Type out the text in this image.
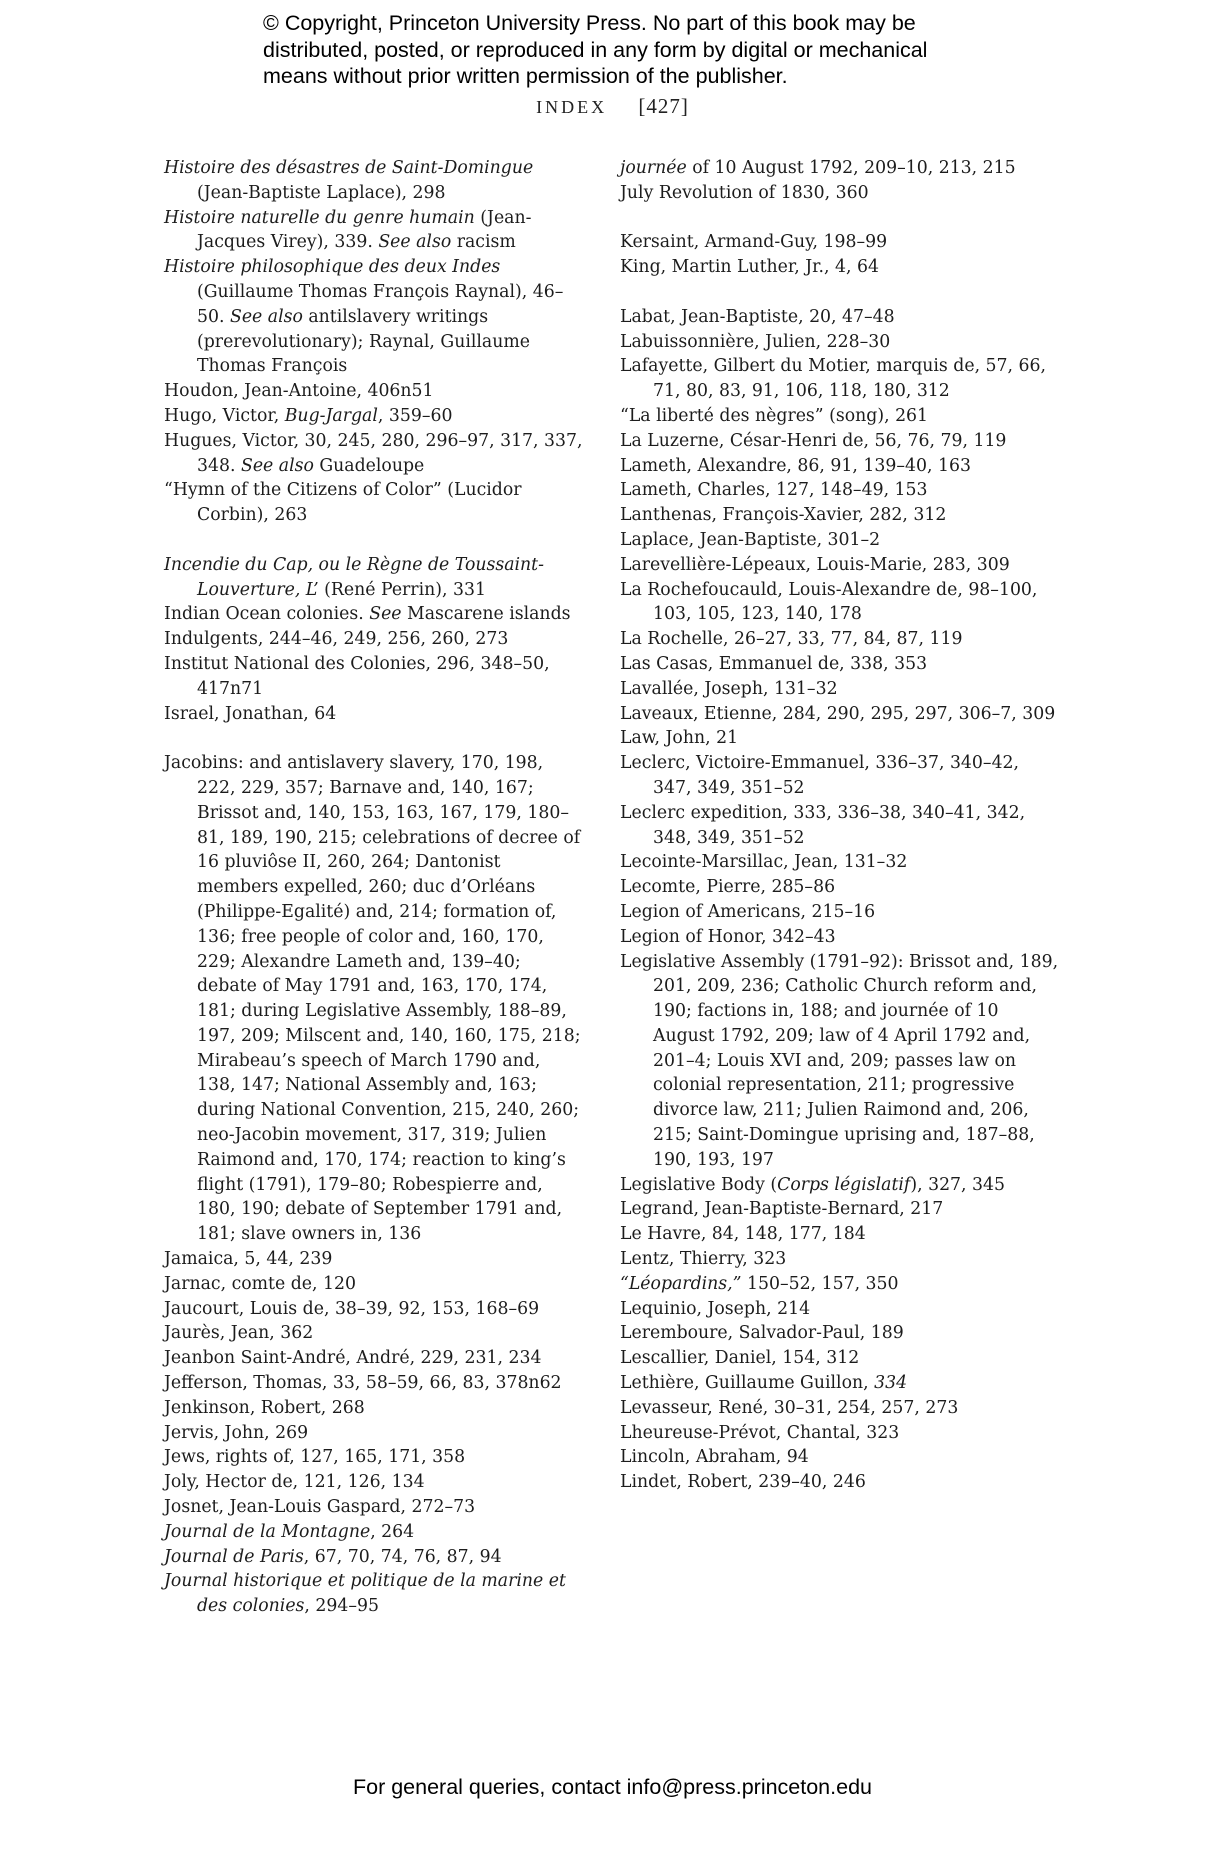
© Copyright, Princeton University Press. No part of this book may be
distributed, posted, or reproduced in any form by digital or mechanical
means without prior written permission of the publisher.
INDEX [427]

Histoire des désastres de Saint-Domingue (Jean-Baptiste Laplace), 298

Histoire naturelle du genre humain (Jean-Jacques Virey), 339. See also racism

Histoire philosophique des deux Indes (Guillaume Thomas François Raynal), 46–50. See also antilslavery writings (prerevolutionary); Raynal, Guillaume Thomas François

Houdon, Jean-Antoine, 406n51

Hugo, Victor, Bug-Jargal, 359–60

Hugues, Victor, 30, 245, 280, 296–97, 317, 337, 348. See also Guadeloupe

“Hymn of the Citizens of Color” (Lucidor Corbin), 263

Incendie du Cap, ou le Règne de Toussaint-Louverture, L’ (René Perrin), 331

Indian Ocean colonies. See Mascarene islands

Indulgents, 244–46, 249, 256, 260, 273

Institut National des Colonies, 296, 348–50, 417n71

Israel, Jonathan, 64

Jacobins: and antislavery slavery, 170, 198, 222, 229, 357; Barnave and, 140, 167; Brissot and, 140, 153, 163, 167, 179, 180–81, 189, 190, 215; celebrations of decree of 16 pluviôse II, 260, 264; Dantonist members expelled, 260; duc d’Orléans (Philippe-Egalité) and, 214; formation of, 136; free people of color and, 160, 170, 229; Alexandre Lameth and, 139–40; debate of May 1791 and, 163, 170, 174, 181; during Legislative Assembly, 188–89, 197, 209; Milscent and, 140, 160, 175, 218; Mirabeau’s speech of March 1790 and, 138, 147; National Assembly and, 163; during National Convention, 215, 240, 260; neo-Jacobin movement, 317, 319; Julien Raimond and, 170, 174; reaction to king’s flight (1791), 179–80; Robespierre and, 180, 190; debate of September 1791 and, 181; slave owners in, 136

Jamaica, 5, 44, 239

Jarnac, comte de, 120

Jaucourt, Louis de, 38–39, 92, 153, 168–69

Jaurès, Jean, 362

Jeanbon Saint-André, André, 229, 231, 234

Jefferson, Thomas, 33, 58–59, 66, 83, 378n62

Jenkinson, Robert, 268

Jervis, John, 269

Jews, rights of, 127, 165, 171, 358

Joly, Hector de, 121, 126, 134

Josnet, Jean-Louis Gaspard, 272–73

Journal de la Montagne, 264

Journal de Paris, 67, 70, 74, 76, 87, 94

Journal historique et politique de la marine et des colonies, 294–95

journée of 10 August 1792, 209–10, 213, 215

July Revolution of 1830, 360

Kersaint, Armand-Guy, 198–99

King, Martin Luther, Jr., 4, 64

Labat, Jean-Baptiste, 20, 47–48

Labuissonnière, Julien, 228–30

Lafayette, Gilbert du Motier, marquis de, 57, 66, 71, 80, 83, 91, 106, 118, 180, 312

“La liberté des nègres” (song), 261

La Luzerne, César-Henri de, 56, 76, 79, 119

Lameth, Alexandre, 86, 91, 139–40, 163

Lameth, Charles, 127, 148–49, 153

Lanthenas, François-Xavier, 282, 312

Laplace, Jean-Baptiste, 301–2

Larevellière-Lépeaux, Louis-Marie, 283, 309

La Rochefoucauld, Louis-Alexandre de, 98–100, 103, 105, 123, 140, 178

La Rochelle, 26–27, 33, 77, 84, 87, 119

Las Casas, Emmanuel de, 338, 353

Lavallée, Joseph, 131–32

Laveaux, Etienne, 284, 290, 295, 297, 306–7, 309

Law, John, 21

Leclerc, Victoire-Emmanuel, 336–37, 340–42, 347, 349, 351–52

Leclerc expedition, 333, 336–38, 340–41, 342, 348, 349, 351–52

Lecointe-Marsillac, Jean, 131–32

Lecomte, Pierre, 285–86

Legion of Americans, 215–16

Legion of Honor, 342–43

Legislative Assembly (1791–92): Brissot and, 189, 201, 209, 236; Catholic Church reform and, 190; factions in, 188; and journée of 10 August 1792, 209; law of 4 April 1792 and, 201–4; Louis XVI and, 209; passes law on colonial representation, 211; progressive divorce law, 211; Julien Raimond and, 206, 215; Saint-Domingue uprising and, 187–88, 190, 193, 197

Legislative Body (Corps législatif), 327, 345

Legrand, Jean-Baptiste-Bernard, 217

Le Havre, 84, 148, 177, 184

Lentz, Thierry, 323

“Léopardins,” 150–52, 157, 350

Lequinio, Joseph, 214

Leremboure, Salvador-Paul, 189

Lescallier, Daniel, 154, 312

Lethière, Guillaume Guillon, 334

Levasseur, René, 30–31, 254, 257, 273

Lheureuse-Prévot, Chantal, 323

Lincoln, Abraham, 94

Lindet, Robert, 239–40, 246

For general queries, contact info@press.princeton.edu
